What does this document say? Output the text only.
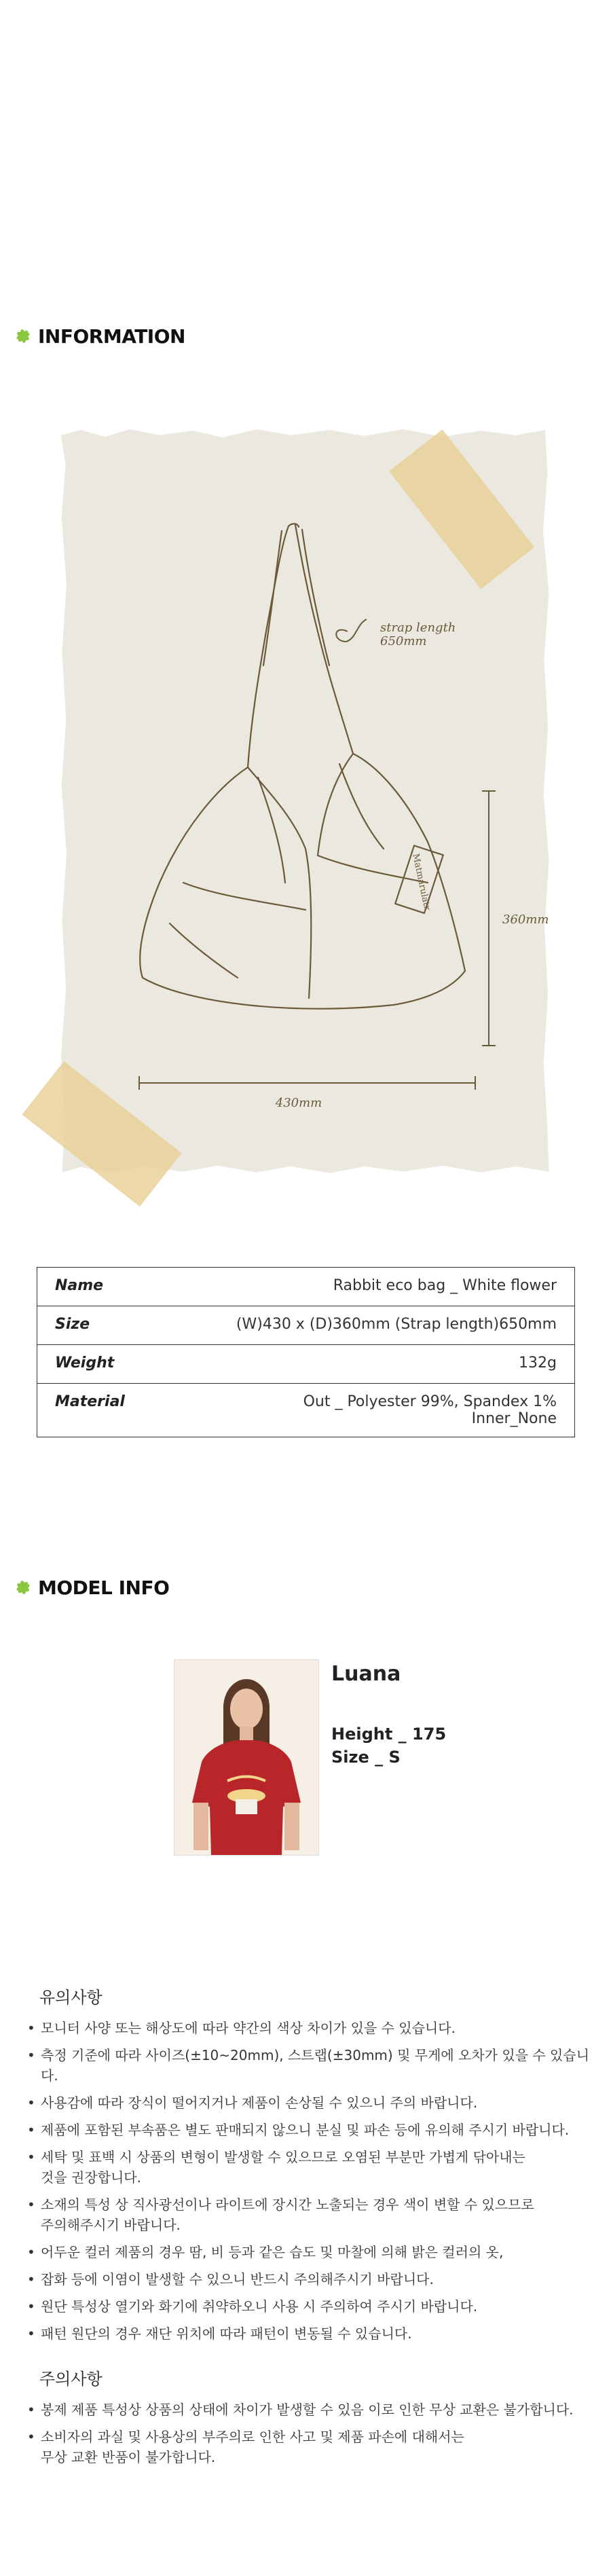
INFORMATION
Matmarulatx
strap length 650mm
360mm
430mm
Name	Rabbit eco bag _ White flower
Size	(W)430 x (D)360mm (Strap length)650mm
Weight	132g
Material	Out _ Polyester 99%, Spandex 1%
Inner_None
MODEL INFO
Luana
Height _ 175
Size _ S
유의사항
• 모니터 사양 또는 해상도에 따라 약간의 색상 차이가 있을 수 있습니다.
• 측정 기준에 따라 사이즈(±10~20mm), 스트랩(±30mm) 및 무게에 오차가 있을 수 있습니다.
• 사용감에 따라 장식이 떨어지거나 제품이 손상될 수 있으니 주의 바랍니다.
• 제품에 포함된 부속품은 별도 판매되지 않으니 분실 및 파손 등에 유의해 주시기 바랍니다.
• 세탁 및 표백 시 상품의 변형이 발생할 수 있으므로 오염된 부분만 가볍게 닦아내는
것을 권장합니다.
• 소재의 특성 상 직사광선이나 라이트에 장시간 노출되는 경우 색이 변할 수 있으므로
주의해주시기 바랍니다.
• 어두운 컬러 제품의 경우 땀, 비 등과 같은 습도 및 마찰에 의해 밝은 컬러의 옷,
• 잡화 등에 이염이 발생할 수 있으니 반드시 주의해주시기 바랍니다.
• 원단 특성상 열기와 화기에 취약하오니 사용 시 주의하여 주시기 바랍니다.
• 패턴 원단의 경우 재단 위치에 따라 패턴이 변동될 수 있습니다.
주의사항
• 봉제 제품 특성상 상품의 상태에 차이가 발생할 수 있음 이로 인한 무상 교환은 불가합니다.
• 소비자의 과실 및 사용상의 부주의로 인한 사고 및 제품 파손에 대해서는
무상 교환 반품이 불가합니다.
